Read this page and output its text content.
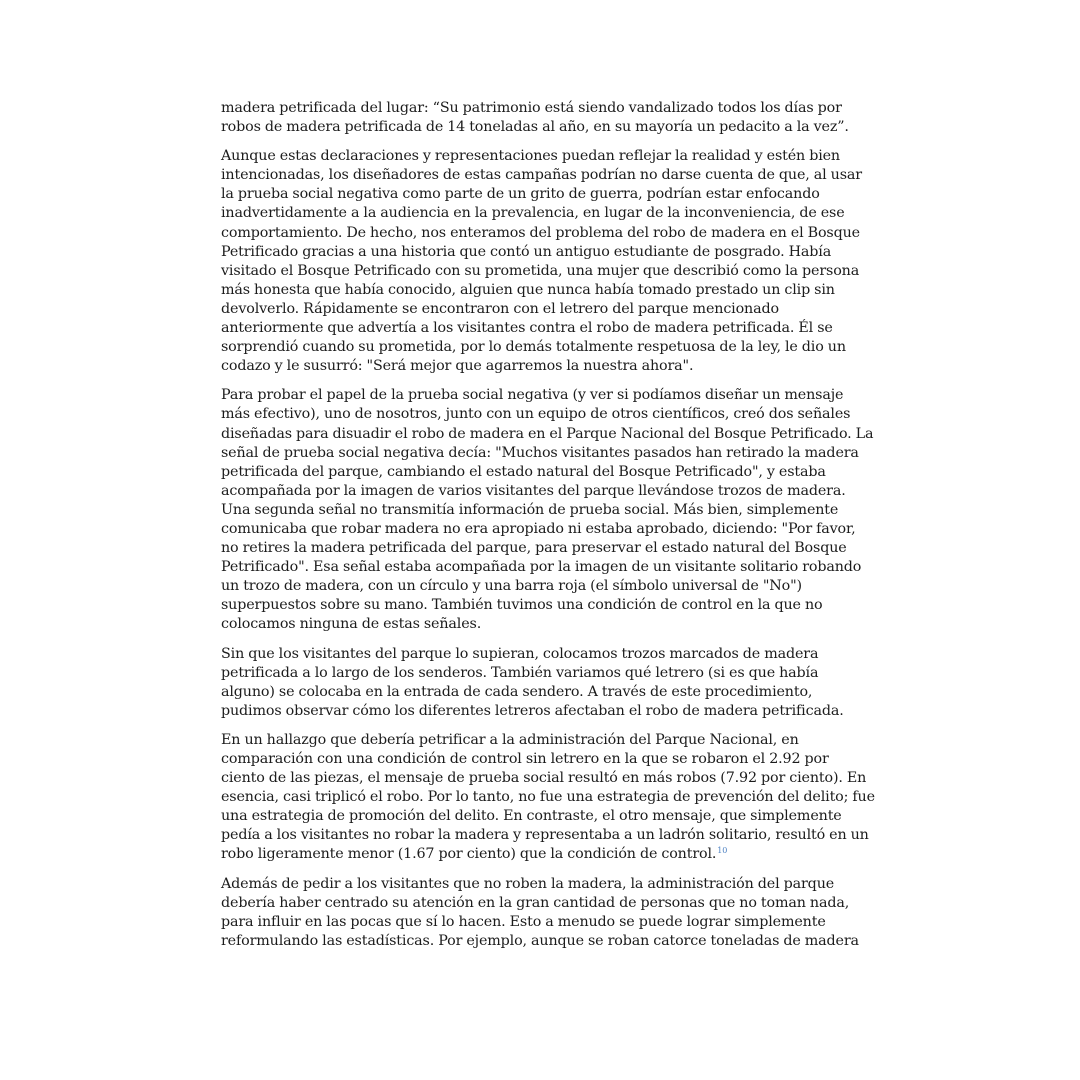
madera petrificada del lugar: “Su patrimonio está siendo vandalizado todos los días por
robos de madera petrificada de 14 toneladas al año, en su mayoría un pedacito a la vez”.

Aunque estas declaraciones y representaciones puedan reflejar la realidad y estén bien
intencionadas, los diseñadores de estas campañas podrían no darse cuenta de que, al usar
la prueba social negativa como parte de un grito de guerra, podrían estar enfocando
inadvertidamente a la audiencia en la prevalencia, en lugar de la inconveniencia, de ese
comportamiento. De hecho, nos enteramos del problema del robo de madera en el Bosque
Petrificado gracias a una historia que contó un antiguo estudiante de posgrado. Había
visitado el Bosque Petrificado con su prometida, una mujer que describió como la persona
más honesta que había conocido, alguien que nunca había tomado prestado un clip sin
devolverlo. Rápidamente se encontraron con el letrero del parque mencionado
anteriormente que advertía a los visitantes contra el robo de madera petrificada. Él se
sorprendió cuando su prometida, por lo demás totalmente respetuosa de la ley, le dio un
codazo y le susurró: "Será mejor que agarremos la nuestra ahora".

Para probar el papel de la prueba social negativa (y ver si podíamos diseñar un mensaje
más efectivo), uno de nosotros, junto con un equipo de otros científicos, creó dos señales
diseñadas para disuadir el robo de madera en el Parque Nacional del Bosque Petrificado. La
señal de prueba social negativa decía: "Muchos visitantes pasados han retirado la madera
petrificada del parque, cambiando el estado natural del Bosque Petrificado", y estaba
acompañada por la imagen de varios visitantes del parque llevándose trozos de madera.
Una segunda señal no transmitía información de prueba social. Más bien, simplemente
comunicaba que robar madera no era apropiado ni estaba aprobado, diciendo: "Por favor,
no retires la madera petrificada del parque, para preservar el estado natural del Bosque
Petrificado". Esa señal estaba acompañada por la imagen de un visitante solitario robando
un trozo de madera, con un círculo y una barra roja (el símbolo universal de "No")
superpuestos sobre su mano. También tuvimos una condición de control en la que no
colocamos ninguna de estas señales.

Sin que los visitantes del parque lo supieran, colocamos trozos marcados de madera
petrificada a lo largo de los senderos. También variamos qué letrero (si es que había
alguno) se colocaba en la entrada de cada sendero. A través de este procedimiento,
pudimos observar cómo los diferentes letreros afectaban el robo de madera petrificada.

En un hallazgo que debería petrificar a la administración del Parque Nacional, en
comparación con una condición de control sin letrero en la que se robaron el 2.92 por
ciento de las piezas, el mensaje de prueba social resultó en más robos (7.92 por ciento). En
esencia, casi triplicó el robo. Por lo tanto, no fue una estrategia de prevención del delito; fue
una estrategia de promoción del delito. En contraste, el otro mensaje, que simplemente
pedía a los visitantes no robar la madera y representaba a un ladrón solitario, resultó en un
robo ligeramente menor (1.67 por ciento) que la condición de control.$^{10}$

Además de pedir a los visitantes que no roben la madera, la administración del parque
debería haber centrado su atención en la gran cantidad de personas que no toman nada,
para influir en las pocas que sí lo hacen. Esto a menudo se puede lograr simplemente
reformulando las estadísticas. Por ejemplo, aunque se roban catorce toneladas de madera
